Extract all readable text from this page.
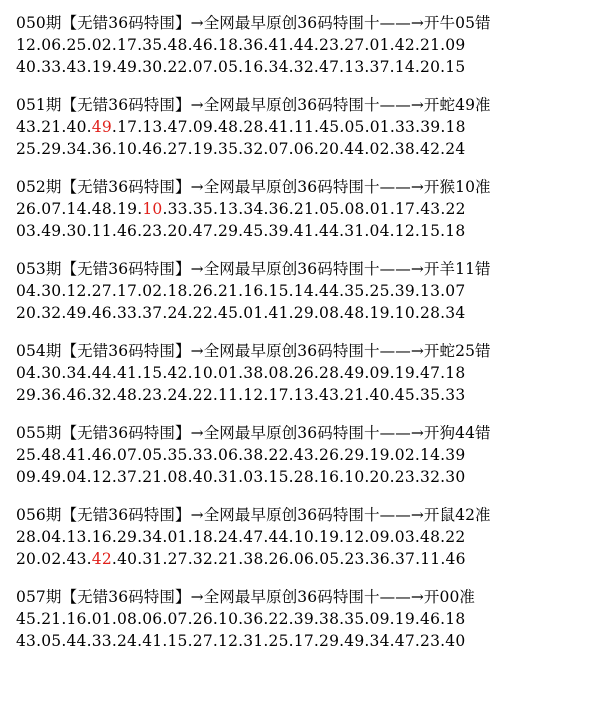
050期【无错36码特围】→全网最早原创36码特围十——→开牛05错
12.06.25.02.17.35.48.46.18.36.41.44.23.27.01.42.21.09
40.33.43.19.49.30.22.07.05.16.34.32.47.13.37.14.20.15
051期【无错36码特围】→全网最早原创36码特围十——→开蛇49准
43.21.40.49.17.13.47.09.48.28.41.11.45.05.01.33.39.18
25.29.34.36.10.46.27.19.35.32.07.06.20.44.02.38.42.24
052期【无错36码特围】→全网最早原创36码特围十——→开猴10准
26.07.14.48.19.10.33.35.13.34.36.21.05.08.01.17.43.22
03.49.30.11.46.23.20.47.29.45.39.41.44.31.04.12.15.18
053期【无错36码特围】→全网最早原创36码特围十——→开羊11错
04.30.12.27.17.02.18.26.21.16.15.14.44.35.25.39.13.07
20.32.49.46.33.37.24.22.45.01.41.29.08.48.19.10.28.34
054期【无错36码特围】→全网最早原创36码特围十——→开蛇25错
04.30.34.44.41.15.42.10.01.38.08.26.28.49.09.19.47.18
29.36.46.32.48.23.24.22.11.12.17.13.43.21.40.45.35.33
055期【无错36码特围】→全网最早原创36码特围十——→开狗44错
25.48.41.46.07.05.35.33.06.38.22.43.26.29.19.02.14.39
09.49.04.12.37.21.08.40.31.03.15.28.16.10.20.23.32.30
056期【无错36码特围】→全网最早原创36码特围十——→开鼠42准
28.04.13.16.29.34.01.18.24.47.44.10.19.12.09.03.48.22
20.02.43.42.40.31.27.32.21.38.26.06.05.23.36.37.11.46
057期【无错36码特围】→全网最早原创36码特围十——→开00准
45.21.16.01.08.06.07.26.10.36.22.39.38.35.09.19.46.18
43.05.44.33.24.41.15.27.12.31.25.17.29.49.34.47.23.40
